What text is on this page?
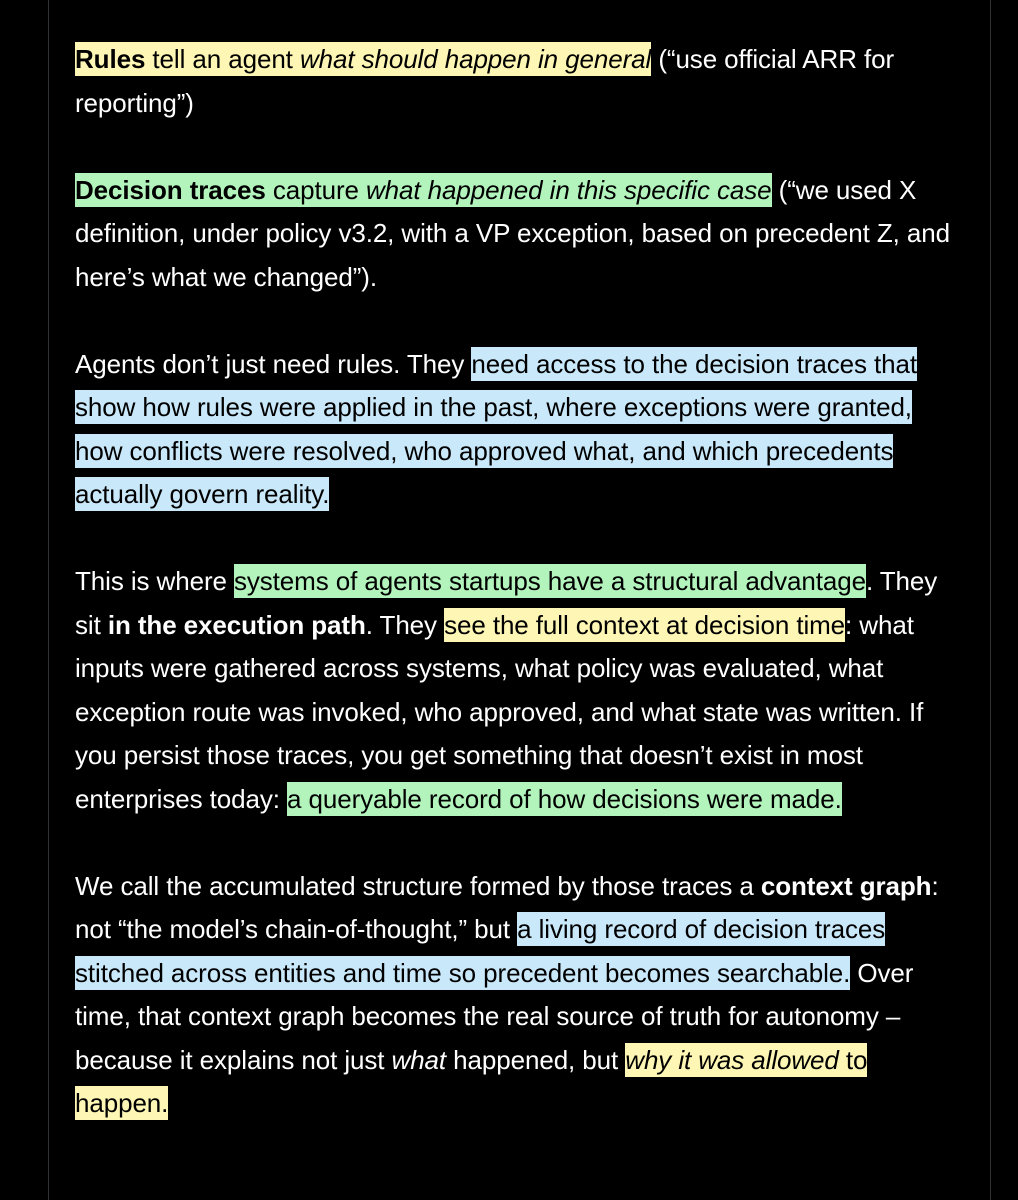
Rules tell an agent what should happen in general (“use official ARR for reporting”)

Decision traces capture what happened in this specific case (“we used X definition, under policy v3.2, with a VP exception, based on precedent Z, and here’s what we changed”).

Agents don’t just need rules. They need access to the decision traces that show how rules were applied in the past, where exceptions were granted, how conflicts were resolved, who approved what, and which precedents actually govern reality.

This is where systems of agents startups have a structural advantage. They sit in the execution path. They see the full context at decision time: what inputs were gathered across systems, what policy was evaluated, what exception route was invoked, who approved, and what state was written. If you persist those traces, you get something that doesn’t exist in most enterprises today: a queryable record of how decisions were made.

We call the accumulated structure formed by those traces a context graph: not “the model’s chain-of-thought,” but a living record of decision traces stitched across entities and time so precedent becomes searchable. Over time, that context graph becomes the real source of truth for autonomy – because it explains not just what happened, but why it was allowed to happen.
